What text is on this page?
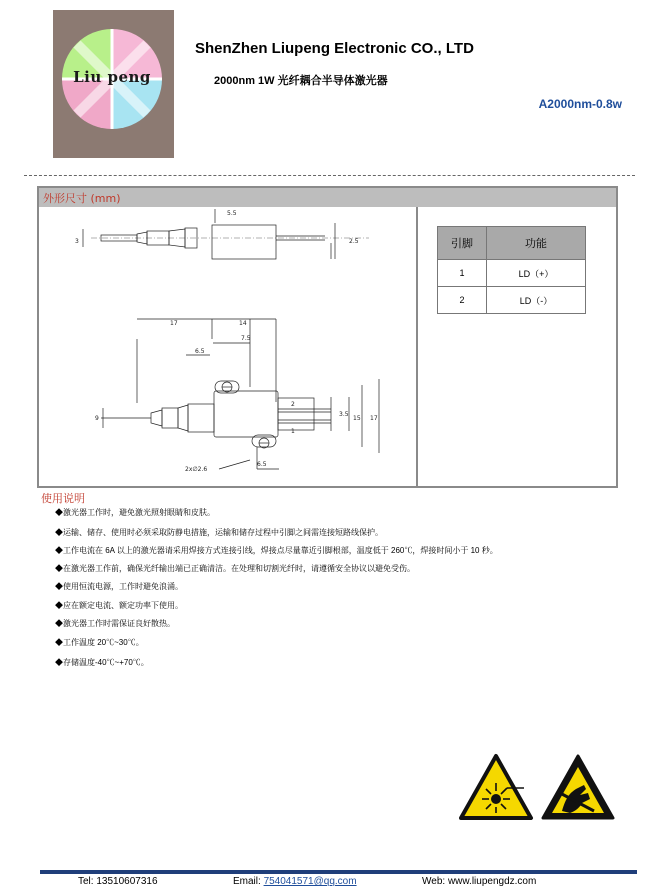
Liu peng
ShenZhen Liupeng Electronic CO., LTD
2000nm 1W 光纤耦合半导体激光器
A2000nm-0.8w
外形尺寸 (mm)
5.5
2.5
3
17	14
7.5
6.5
6.5
2x∅2.6
15 17
3.5
9
2
1
引脚	功能
1	LD（+）
2	LD（-）
使用说明
◆激光器工作时，避免激光照射眼睛和皮肤。
◆运输、储存、使用时必须采取防静电措施，运输和储存过程中引脚之间需连接短路线保护。
◆工作电流在 6A 以上的激光器请采用焊接方式连接引线，焊接点尽量靠近引脚根部，温度低于 260℃，焊接时间小于 10 秒。
◆在激光器工作前，确保光纤输出端已正确清洁。在处理和切割光纤时，请遵循安全协议以避免受伤。
◆使用恒流电源，工作时避免浪涌。
◆应在额定电流、额定功率下使用。
◆激光器工作时需保证良好散热。
◆工作温度 20℃~30℃。
◆存储温度-40℃~+70℃。
Tel: 13510607316	Email: 754041571@qq.com	Web: www.liupengdz.com
